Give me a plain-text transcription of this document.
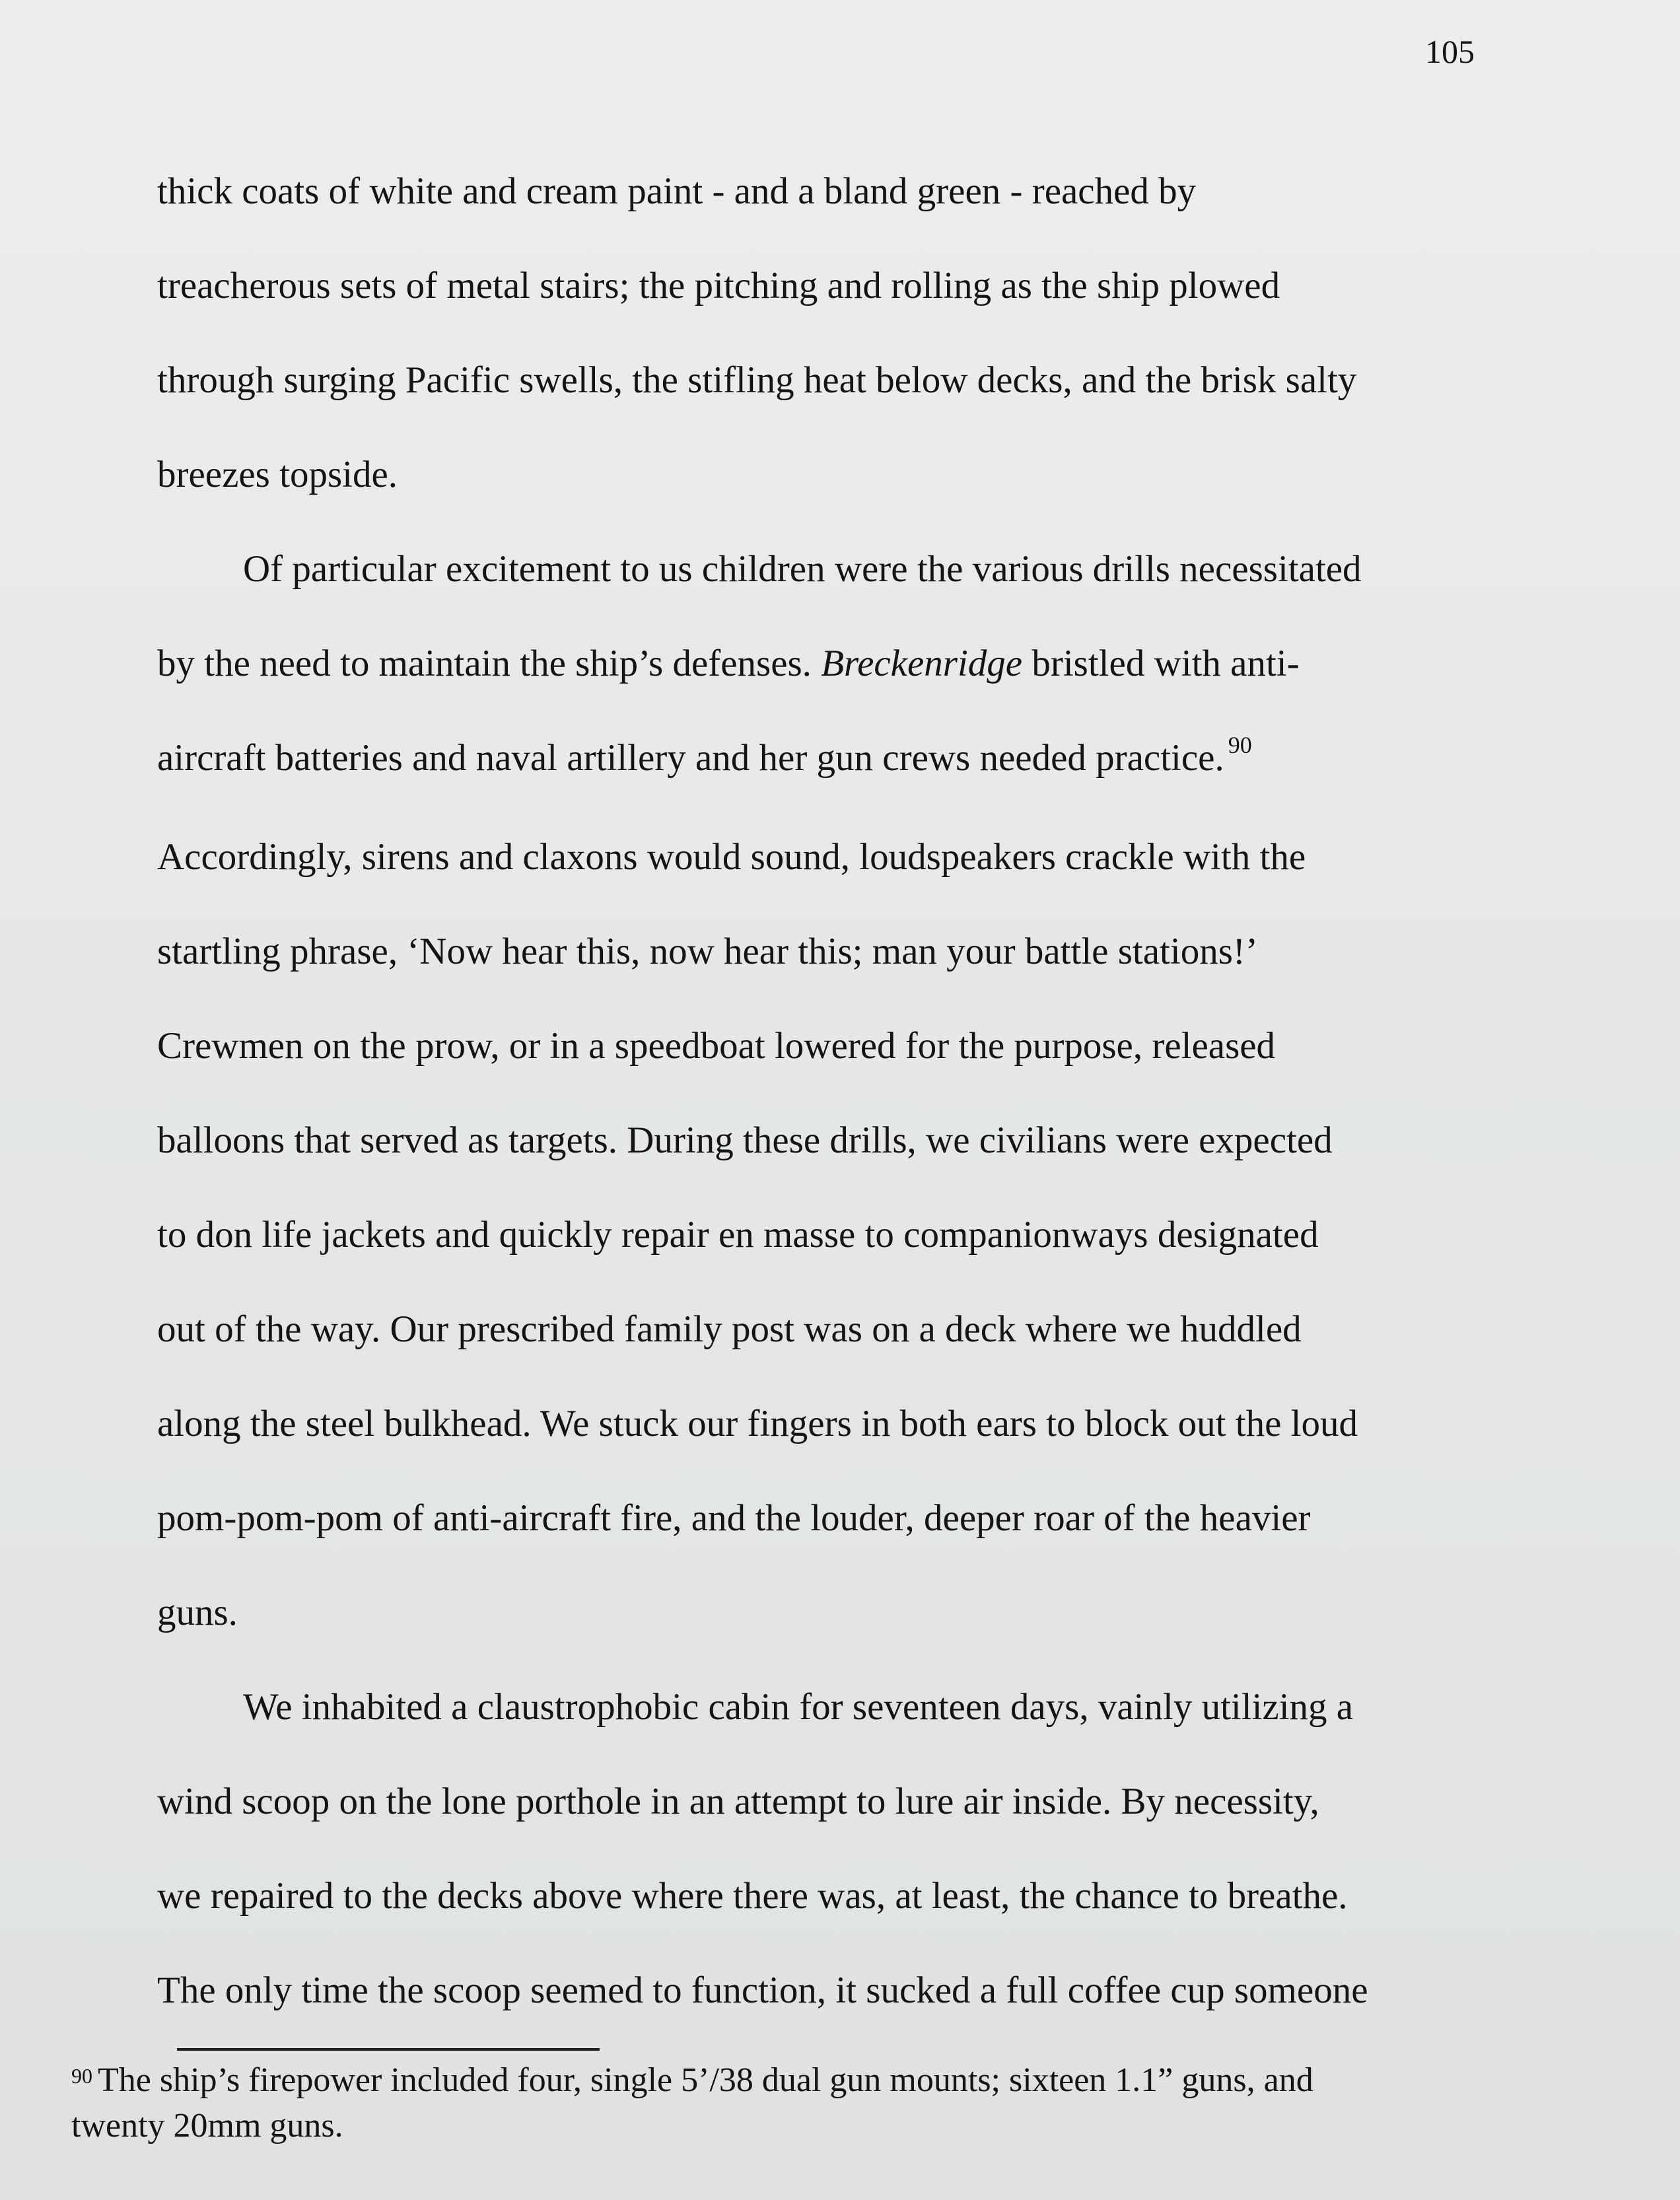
105
thick coats of white and cream paint - and a bland green - reached by
treacherous sets of metal stairs; the pitching and rolling as the ship plowed
through surging Pacific swells, the stifling heat below decks, and the brisk salty
breezes topside.
Of particular excitement to us children were the various drills necessitated
by the need to maintain the ship’s defenses. Breckenridge bristled with anti-
aircraft batteries and naval artillery and her gun crews needed practice. $^{90}$
Accordingly, sirens and claxons would sound, loudspeakers crackle with the
startling phrase, ‘Now hear this, now hear this; man your battle stations!’
Crewmen on the prow, or in a speedboat lowered for the purpose, released
balloons that served as targets. During these drills, we civilians were expected
to don life jackets and quickly repair en masse to companionways designated
out of the way. Our prescribed family post was on a deck where we huddled
along the steel bulkhead. We stuck our fingers in both ears to block out the loud
pom-pom-pom of anti-aircraft fire, and the louder, deeper roar of the heavier
guns.
We inhabited a claustrophobic cabin for seventeen days, vainly utilizing a
wind scoop on the lone porthole in an attempt to lure air inside. By necessity,
we repaired to the decks above where there was, at least, the chance to breathe.
The only time the scoop seemed to function, it sucked a full coffee cup someone
$^{90}$ The ship’s firepower included four, single 5’/38 dual gun mounts; sixteen 1.1” guns, and
twenty 20mm guns.
